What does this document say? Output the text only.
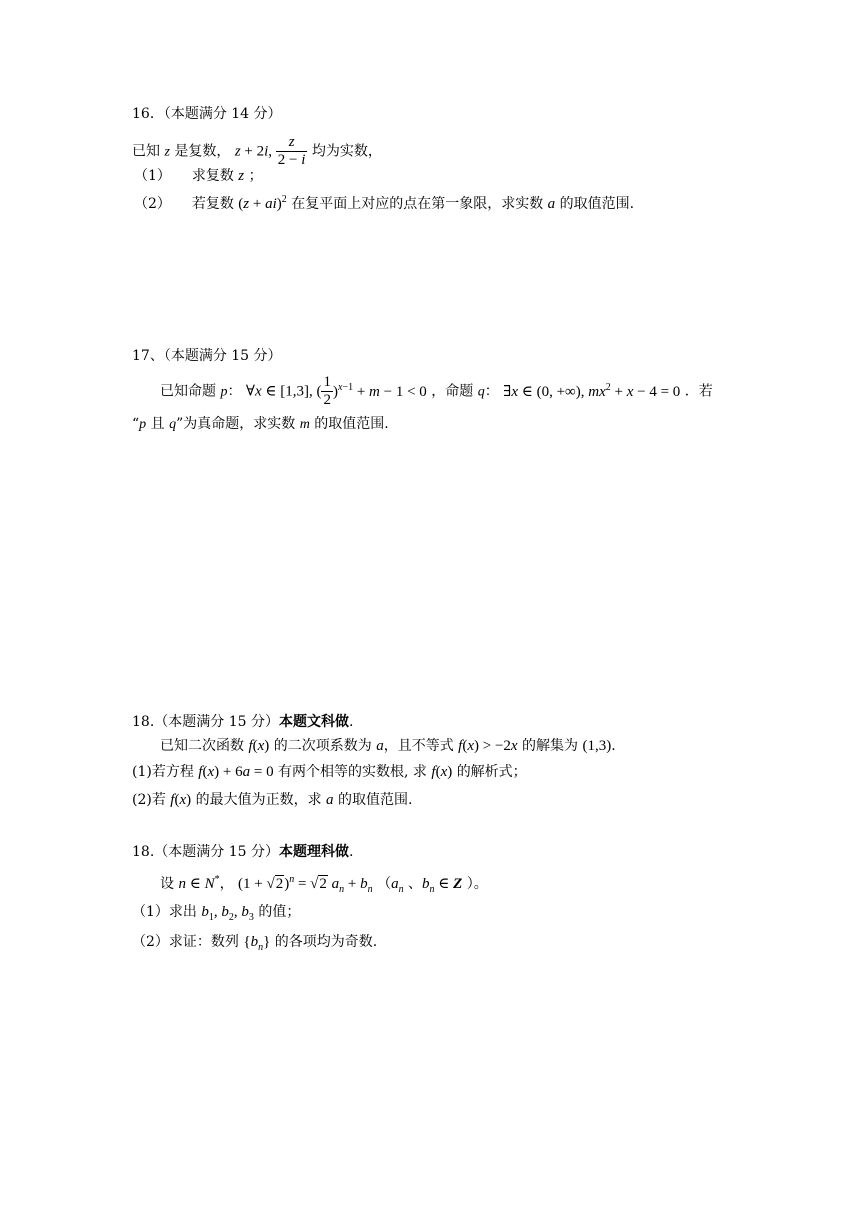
16．（本题满分 14 分）
已知 z 是复数， z + 2i, $\frac{z}{2 - i}$ 均为实数，
（1） 求复数 z ；
（2） 若复数 (z + ai)$^2$ 在复平面上对应的点在第一象限，求实数 a 的取值范围.
17、（本题满分 15 分）
已知命题 p： ∀x ∈ [1,3], ( $\frac{1}{2} )^{x-1} + m - 1 < 0$ ，命题 q： ∃x ∈ (0, +∞), $mx^2 + x - 4 = 0$ ．若
“p 且 q”为真命题，求实数 m 的取值范围.
18.（本题满分 15 分）本题文科做.
已知二次函数 f(x) 的二次项系数为 a，且不等式 f(x) > −2x 的解集为 (1,3).
(1)若方程 f(x) + 6a = 0 有两个相等的实数根, 求 f(x) 的解析式；
(2)若 f(x) 的最大值为正数，求 a 的取值范围.
18.（本题满分 15 分）本题理科做.
设 n ∈ N*， $(1 + √2)^n = √2$ $a_n + b_n$ （$a_n$ 、$b_n$ ∈ Z ）。
（1）求出 $b_1$, $b_2$, $b_3$ 的值；
（2）求证：数列 $\{b_n\}$ 的各项均为奇数.
